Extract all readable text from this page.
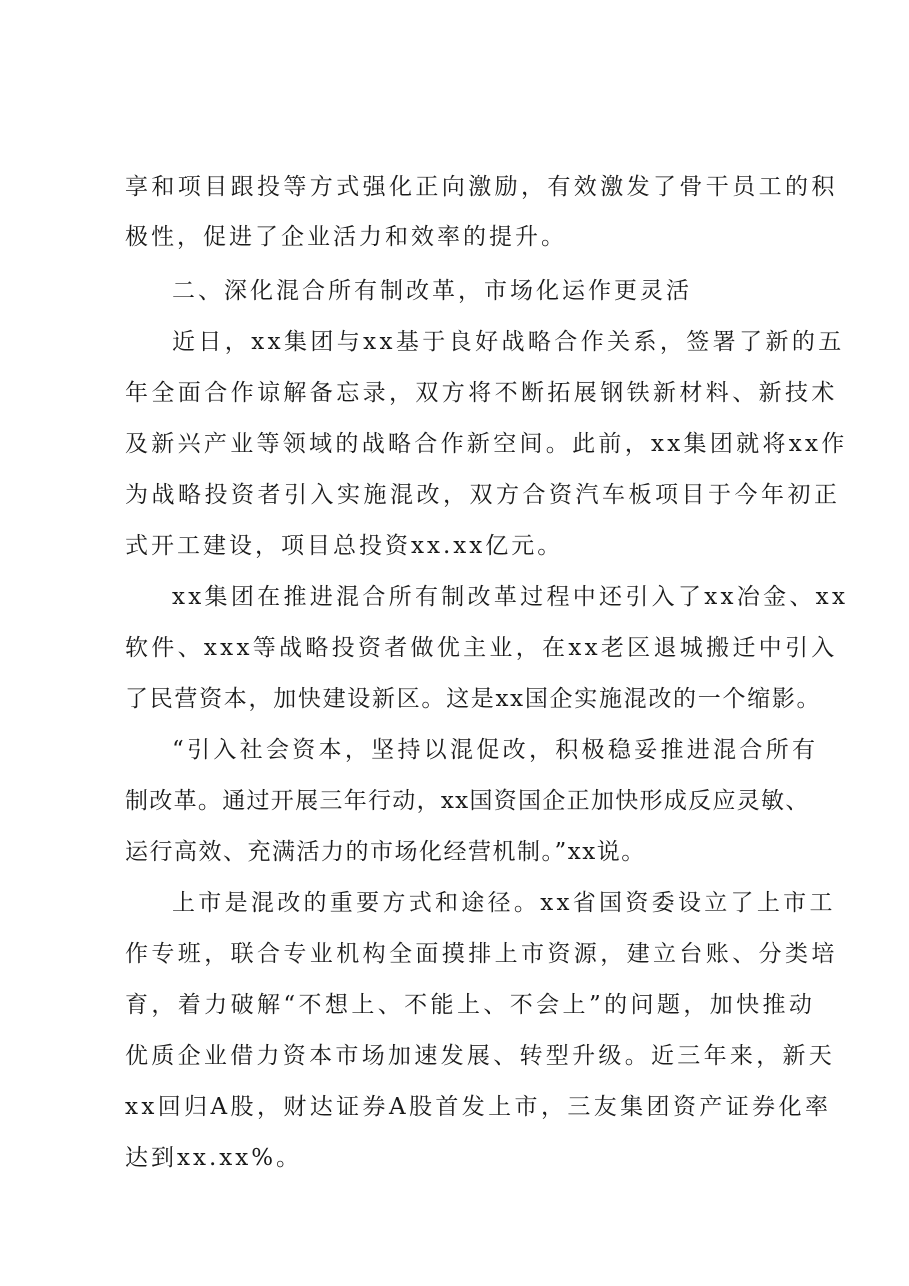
享和项目跟投等方式强化正向激励，有效激发了骨干员工的积
极性，促进了企业活力和效率的提升。
二、深化混合所有制改革，市场化运作更灵活
近日，xx集团与xx基于良好战略合作关系，签署了新的五
年全面合作谅解备忘录，双方将不断拓展钢铁新材料、新技术
及新兴产业等领域的战略合作新空间。此前，xx集团就将xx作
为战略投资者引入实施混改，双方合资汽车板项目于今年初正
式开工建设，项目总投资xx.xx亿元。
xx集团在推进混合所有制改革过程中还引入了xx冶金、xx
软件、xxx等战略投资者做优主业，在xx老区退城搬迁中引入
了民营资本，加快建设新区。这是xx国企实施混改的一个缩影。
“引入社会资本，坚持以混促改，积极稳妥推进混合所有
制改革。通过开展三年行动，xx国资国企正加快形成反应灵敏、
运行高效、充满活力的市场化经营机制。”xx说。
上市是混改的重要方式和途径。xx省国资委设立了上市工
作专班，联合专业机构全面摸排上市资源，建立台账、分类培
育，着力破解“不想上、不能上、不会上”的问题，加快推动
优质企业借力资本市场加速发展、转型升级。近三年来，新天
xx回归A股，财达证券A股首发上市，三友集团资产证券化率
达到xx.xx%。
